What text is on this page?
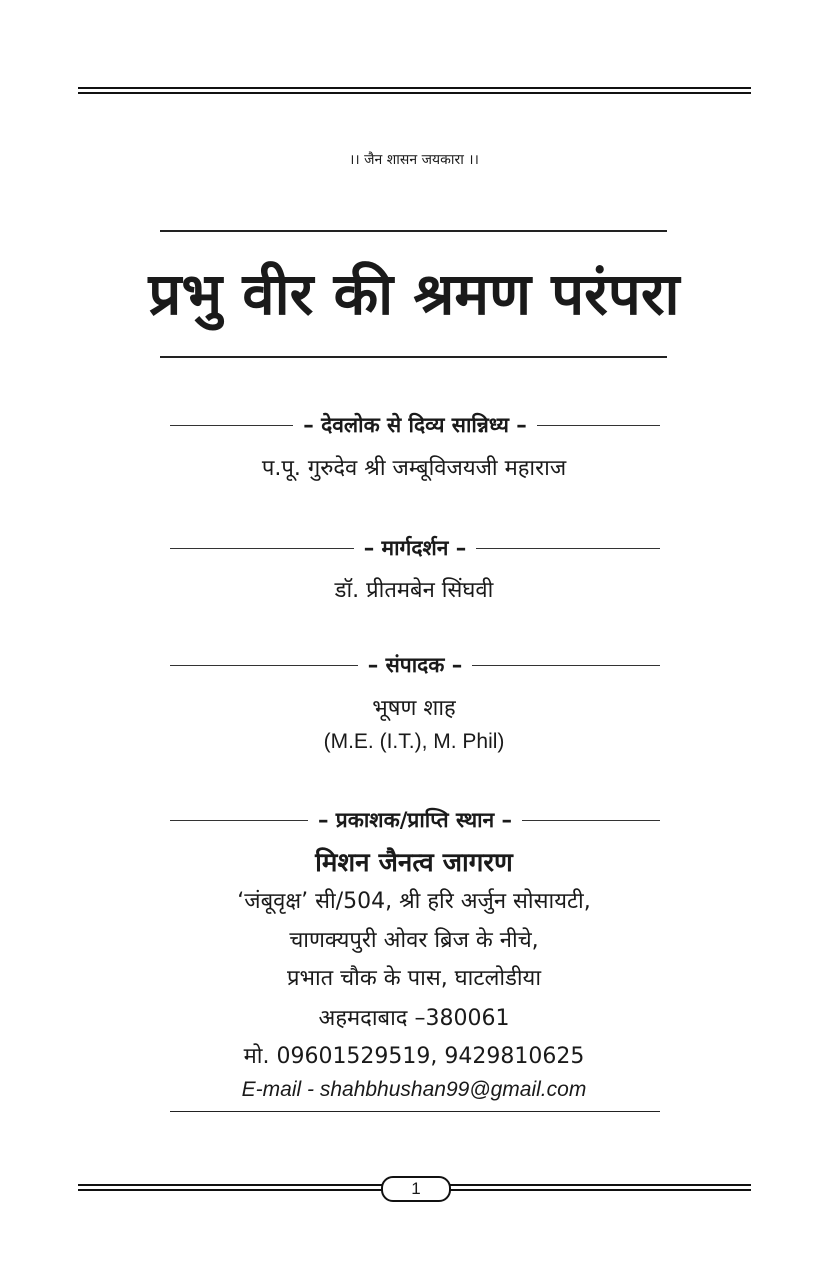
।। जैन शासन जयकारा ।।
प्रभु वीर की श्रमण परंपरा
– देवलोक से दिव्य सान्निध्य –
प.पू. गुरुदेव श्री जम्बूविजयजी महाराज
– मार्गदर्शन –
डॉ. प्रीतमबेन सिंघवी
– संपादक –
भूषण शाह
(M.E. (I.T.), M. Phil)
– प्रकाशक/प्राप्ति स्थान –
मिशन जैनत्व जागरण
‘जंबूवृक्ष’ सी/504, श्री हरि अर्जुन सोसायटी,
चाणक्यपुरी ओवर ब्रिज के नीचे,
प्रभात चौक के पास, घाटलोडीया
अहमदाबाद –380061
मो. 09601529519, 9429810625
E-mail - shahbhushan99@gmail.com
1
